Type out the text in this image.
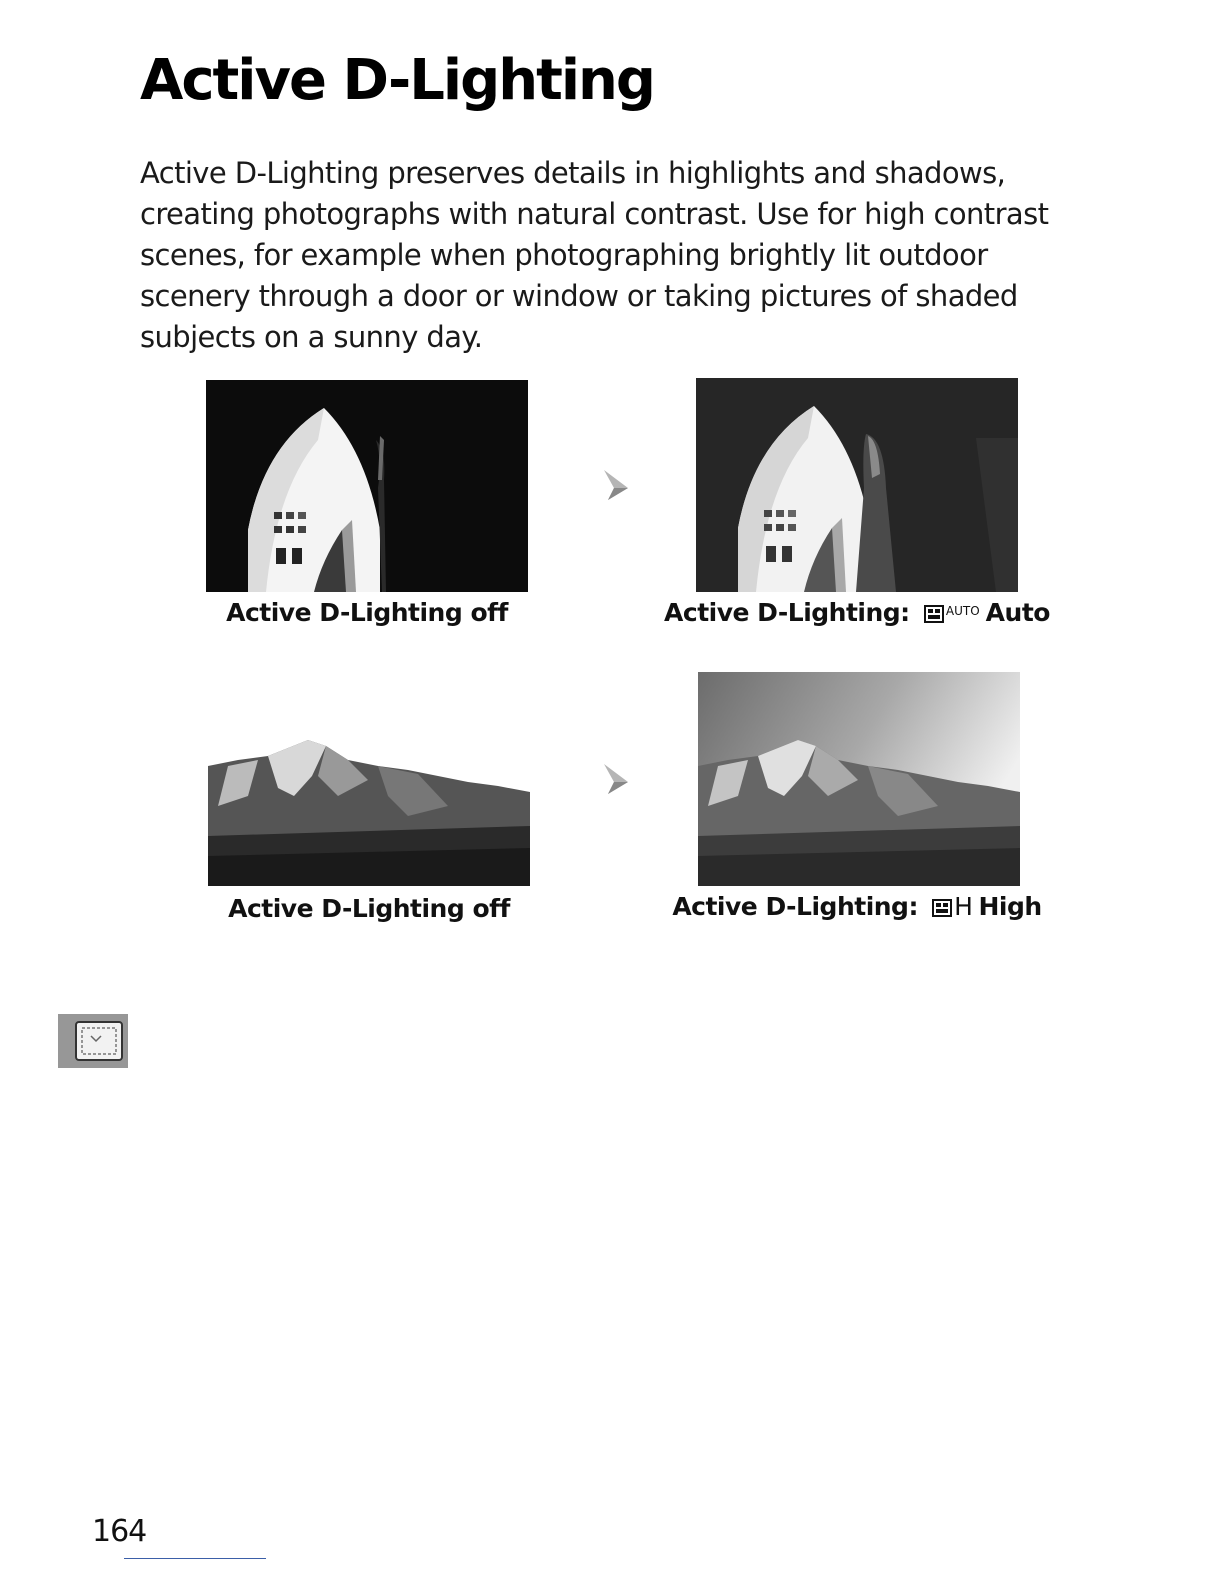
Active D-Lighting

Active D-Lighting preserves details in highlights and shadows, creating photographs with natural contrast. Use for high contrast scenes, for example when photographing brightly lit outdoor scenery through a door or window or taking pictures of shaded subjects on a sunny day.

Active D-Lighting off	Active D-Lighting:	$^{AUTO}$ Auto

Active D-Lighting off	Active D-Lighting: H High

164
